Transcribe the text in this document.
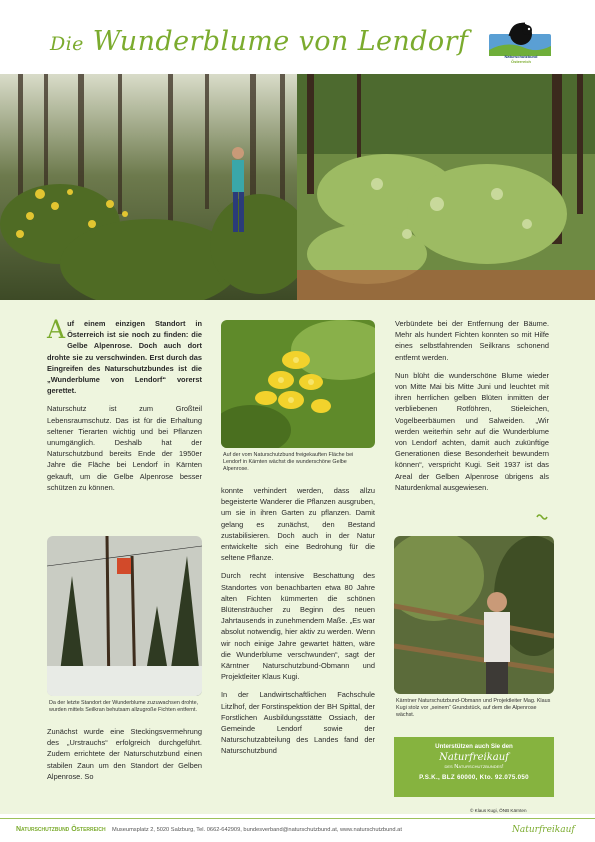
Die Wunderblume von Lendorf	Naturschutzbund
Österreich

Auf einem einzigen Standort in Österreich ist sie noch zu finden: die Gelbe Alpenrose. Doch auch dort drohte sie zu verschwinden. Erst durch das Eingreifen des Naturschutzbundes ist die „Wunderblume von Lendorf“ vorerst gerettet.

Naturschutz ist zum Großteil Lebensraumschutz. Das ist für die Erhaltung seltener Tierarten wichtig und bei Pflanzen unumgänglich. Deshalb hat der Naturschutzbund bereits Ende der 1950er Jahre die Fläche bei Lendorf in Kärnten gekauft, um die Gelbe Alpenrose besser schützen zu können.

Da der letzte Standort der Wunderblume zuzuwachsen drohte, wurden mittels Seilkran behutsam allzugroße Fichten entfernt.

Zunächst wurde eine Steckingsvermehrung des „Urstrauchs“ erfolgreich durchgeführt. Zudem errichtete der Naturschutzbund einen stabilen Zaun um den Standort der Gelben Alpenrose. So

Auf der vom Naturschutzbund freigekauften Fläche bei Lendorf in Kärnten wächst die wunderschöne Gelbe Alpenrose.

konnte verhindert werden, dass allzu begeisterte Wanderer die Pflanzen ausgruben, um sie in ihren Garten zu pflanzen. Damit gelang es zunächst, den Bestand zustabilisieren. Doch auch in der Natur entwickelte sich eine Bedrohung für die seltene Pflanze.

Durch recht intensive Beschattung des Standortes von benachbarten etwa 80 Jahre alten Fichten kümmerten die schönen Blütensträucher zu Beginn des neuen Jahrtausends in zunehmendem Maße. „Es war absolut notwendig, hier aktiv zu werden. Wenn wir noch einige Jahre gewartet hätten, wäre die Wunderblume verschwunden“, sagt der Kärntner Naturschutzbund-Obmann und Projektleiter Klaus Kugi.

In der Landwirtschaftlichen Fachschule Litzlhof, der Forstinspektion der BH Spittal, der Forstlichen Ausbildungsstätte Ossiach, der Gemeinde Lendorf sowie der Naturschutzabteilung des Landes fand der Naturschutzbund

Verbündete bei der Entfernung der Bäume. Mehr als hundert Fichten konnten so mit Hilfe eines selbstfahrenden Seilkrans schonend entfernt werden.

Nun blüht die wunderschöne Blume wieder von Mitte Mai bis Mitte Juni und leuchtet mit ihren herrlichen gelben Blüten inmitten der verbliebenen Rotföhren, Stieleichen, Vogelbeerbäumen und Salweiden. „Wir werden weiterhin sehr auf die Wunderblume von Lendorf achten, damit auch zukünftige Generationen diese Besonderheit bewundern können“, verspricht Kugi. Seit 1937 ist das Areal der Gelben Alpenrose übrigens als Naturdenkmal ausgewiesen.

Kärntner Naturschutzbund-Obmann und Projektleiter Mag. Klaus Kugi stolz vor „seinem“ Grundstück, auf dem die Alpenrose wächst.
Unterstützen auch Sie den
Naturfreikauf
des Naturschutzbundes!
P.S.K., BLZ 60000, Kto. 92.075.050
© Klaus Kugi, ÖNB Kärnten
Naturschutzbund Österreich Museumsplatz 2, 5020 Salzburg, Tel. 0662-642909, bundesverband@naturschutzbund.at, www.naturschutzbund.at	Naturfreikauf
